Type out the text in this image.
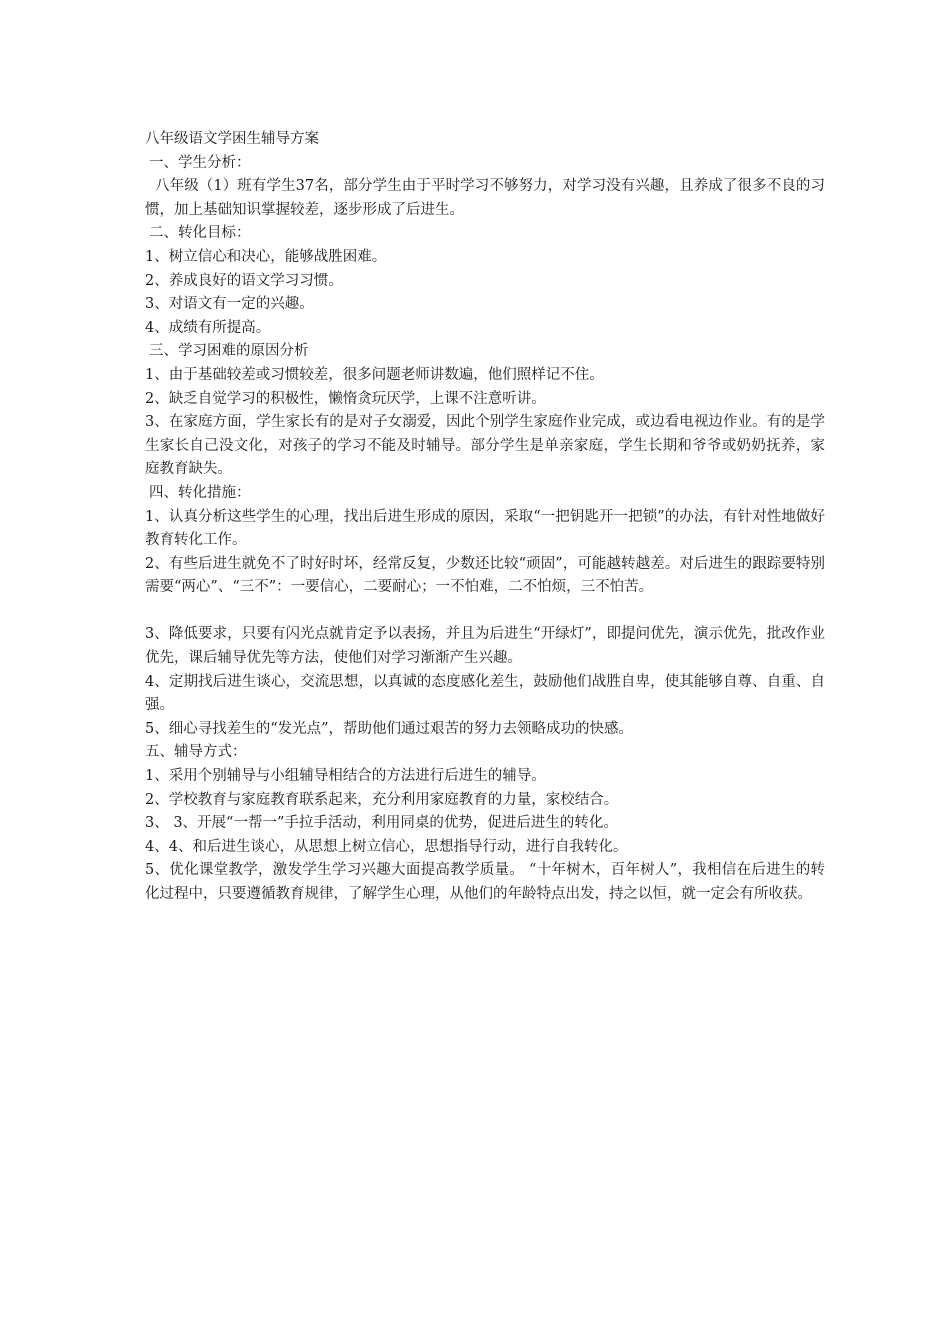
八年级语文学困生辅导方案

一、学生分析：

八年级（1）班有学生37名，部分学生由于平时学习不够努力，对学习没有兴趣，且养成了很多不良的习惯，加上基础知识掌握较差，逐步形成了后进生。

二、转化目标：

1、树立信心和决心，能够战胜困难。

2、养成良好的语文学习习惯。

3、对语文有一定的兴趣。

4、成绩有所提高。

三、学习困难的原因分析

1、由于基础较差或习惯较差，很多问题老师讲数遍，他们照样记不住。

2、缺乏自觉学习的积极性，懒惰贪玩厌学，上课不注意听讲。

3、在家庭方面，学生家长有的是对子女溺爱，因此个别学生家庭作业完成，或边看电视边作业。有的是学生家长自己没文化，对孩子的学习不能及时辅导。部分学生是单亲家庭，学生长期和爷爷或奶奶抚养，家庭教育缺失。

四、转化措施：

1、认真分析这些学生的心理，找出后进生形成的原因，采取“一把钥匙开一把锁”的办法，有针对性地做好教育转化工作。

2、有些后进生就免不了时好时坏，经常反复，少数还比较“顽固”，可能越转越差。对后进生的跟踪要特别需要“两心”、“三不”：一要信心，二要耐心；一不怕难，二不怕烦，三不怕苦。

3、降低要求，只要有闪光点就肯定予以表扬，并且为后进生“开绿灯”，即提问优先，演示优先，批改作业优先，课后辅导优先等方法，使他们对学习渐渐产生兴趣。

4、定期找后进生谈心，交流思想，以真诚的态度感化差生，鼓励他们战胜自卑，使其能够自尊、自重、自强。

5、细心寻找差生的“发光点”，帮助他们通过艰苦的努力去领略成功的快感。

五、辅导方式：

1、采用个别辅导与小组辅导相结合的方法进行后进生的辅导。

2、学校教育与家庭教育联系起来，充分利用家庭教育的力量，家校结合。

3、 3、开展“一帮一”手拉手活动，利用同桌的优势，促进后进生的转化。

4、4、和后进生谈心，从思想上树立信心，思想指导行动，进行自我转化。

5、优化课堂教学，激发学生学习兴趣大面提高教学质量。 “十年树木，百年树人”，我相信在后进生的转化过程中，只要遵循教育规律，了解学生心理，从他们的年龄特点出发，持之以恒，就一定会有所收获。
